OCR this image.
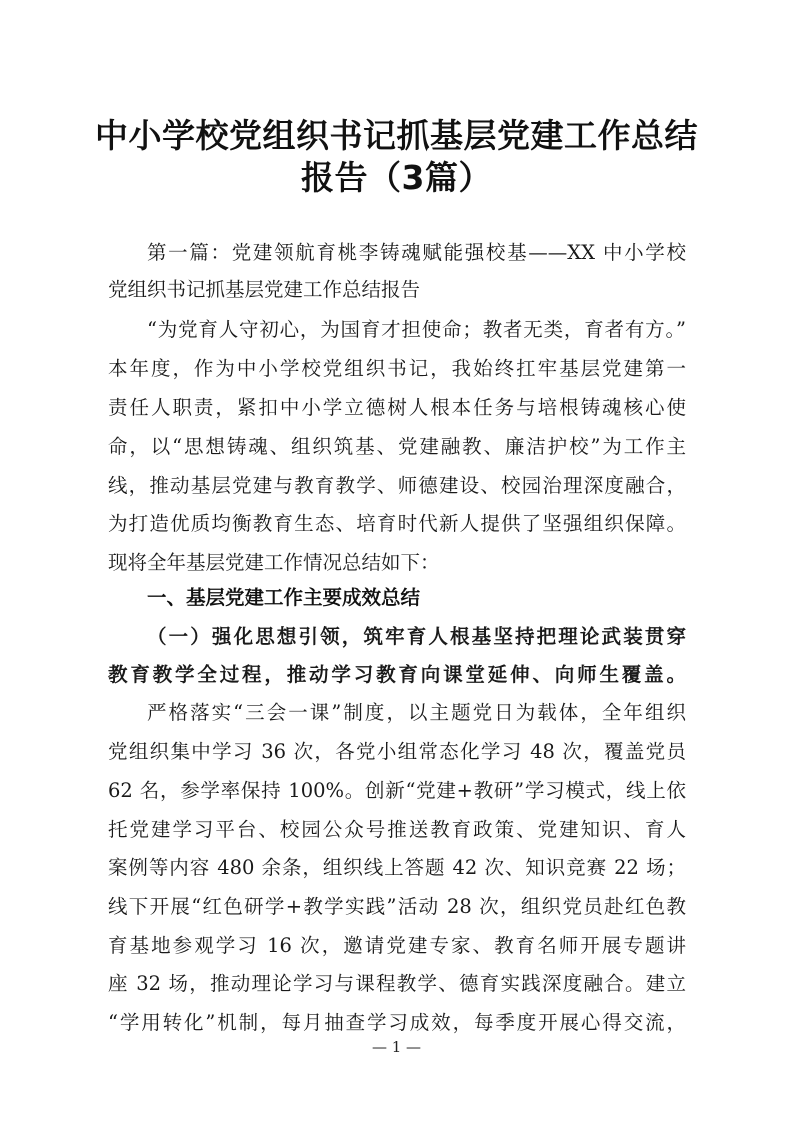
中小学校党组织书记抓基层党建工作总结
报告（3篇）
第一篇：党建领航育桃李铸魂赋能强校基——XX 中小学校
党组织书记抓基层党建工作总结报告
“为党育人守初心，为国育才担使命；教者无类，育者有方。”
本年度，作为中小学校党组织书记，我始终扛牢基层党建第一
责任人职责，紧扣中小学立德树人根本任务与培根铸魂核心使
命，以“思想铸魂、组织筑基、党建融教、廉洁护校”为工作主
线，推动基层党建与教育教学、师德建设、校园治理深度融合，
为打造优质均衡教育生态、培育时代新人提供了坚强组织保障。
现将全年基层党建工作情况总结如下：
一、基层党建工作主要成效总结
（一）强化思想引领，筑牢育人根基坚持把理论武装贯穿
教育教学全过程，推动学习教育向课堂延伸、向师生覆盖。
严格落实“三会一课”制度，以主题党日为载体，全年组织
党组织集中学习 36 次，各党小组常态化学习 48 次，覆盖党员
62 名，参学率保持 100%。创新“党建+教研”学习模式，线上依
托党建学习平台、校园公众号推送教育政策、党建知识、育人
案例等内容 480 余条，组织线上答题 42 次、知识竞赛 22 场；
线下开展“红色研学+教学实践”活动 28 次，组织党员赴红色教
育基地参观学习 16 次，邀请党建专家、教育名师开展专题讲
座 32 场，推动理论学习与课程教学、德育实践深度融合。建立
“学用转化”机制，每月抽查学习成效，每季度开展心得交流，
— 1 —
